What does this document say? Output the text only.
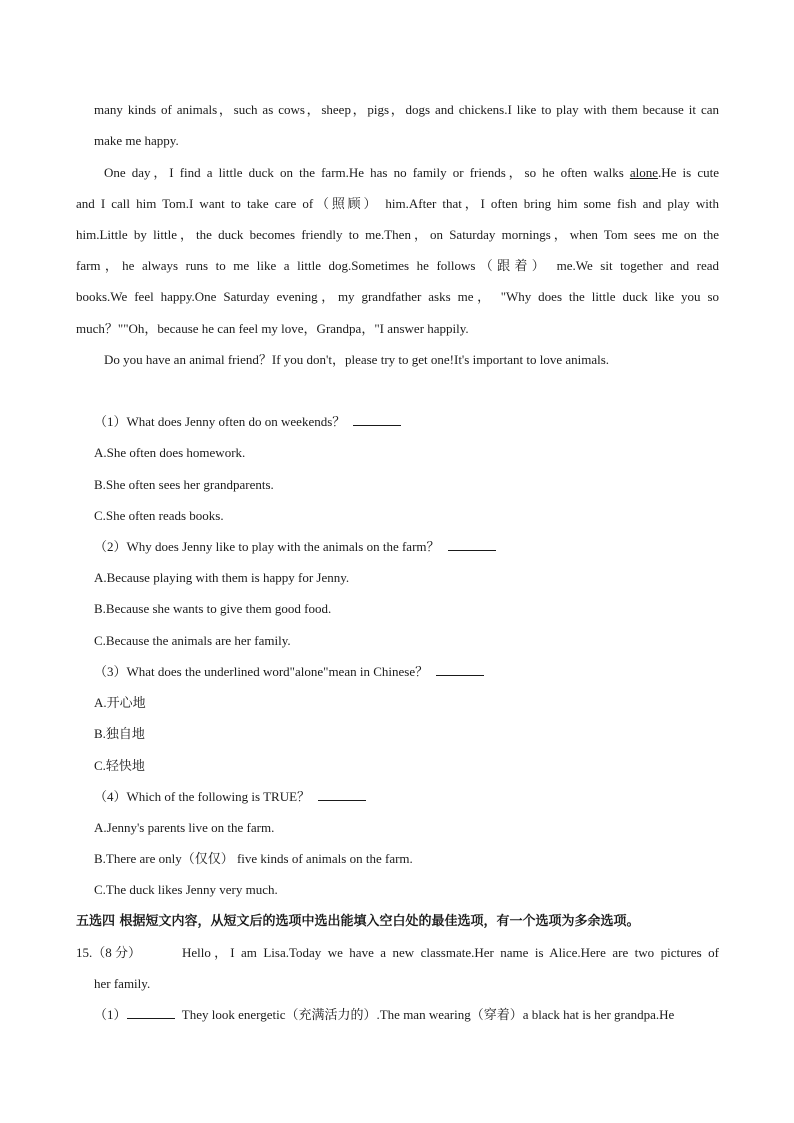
many kinds of animals，such as cows，sheep，pigs，dogs and chickens.I like to play with them because it can
make me happy.
One day，I find a little duck on the farm.He has no family or friends，so he often walks alone.He is cute
and I call him Tom.I want to take care of（照顾） him.After that，I often bring him some fish and play with
him.Little by little，the duck becomes friendly to me.Then，on Saturday mornings，when Tom sees me on the
farm，he always runs to me like a little dog.Sometimes he follows（跟着） me.We sit together and read
books.We feel happy.One Saturday evening，my grandfather asks me， "Why does the little duck like you so
much？""Oh，because he can feel my love，Grandpa，"I answer happily.
Do you have an animal friend？If you don't，please try to get one!It's important to love animals.
（1）What does Jenny often do on weekends？
A.She often does homework.
B.She often sees her grandparents.
C.She often reads books.
（2）Why does Jenny like to play with the animals on the farm？
A.Because playing with them is happy for Jenny.
B.Because she wants to give them good food.
C.Because the animals are her family.
（3）What does the underlined word"alone"mean in Chinese？
A.开心地
B.独自地
C.轻快地
（4）Which of the following is TRUE？
A.Jenny's parents live on the farm.
B.There are only（仅仅） five kinds of animals on the farm.
C.The duck likes Jenny very much.
五选四 根据短文内容，从短文后的选项中选出能填入空白处的最佳选项，有一个选项为多余选项。
15.（8 分）	Hello，I am Lisa.Today we have a new classmate.Her name is Alice.Here are two pictures of
her family.
（1）	They look energetic（充满活力的）.The man wearing（穿着）a black hat is her grandpa.He
